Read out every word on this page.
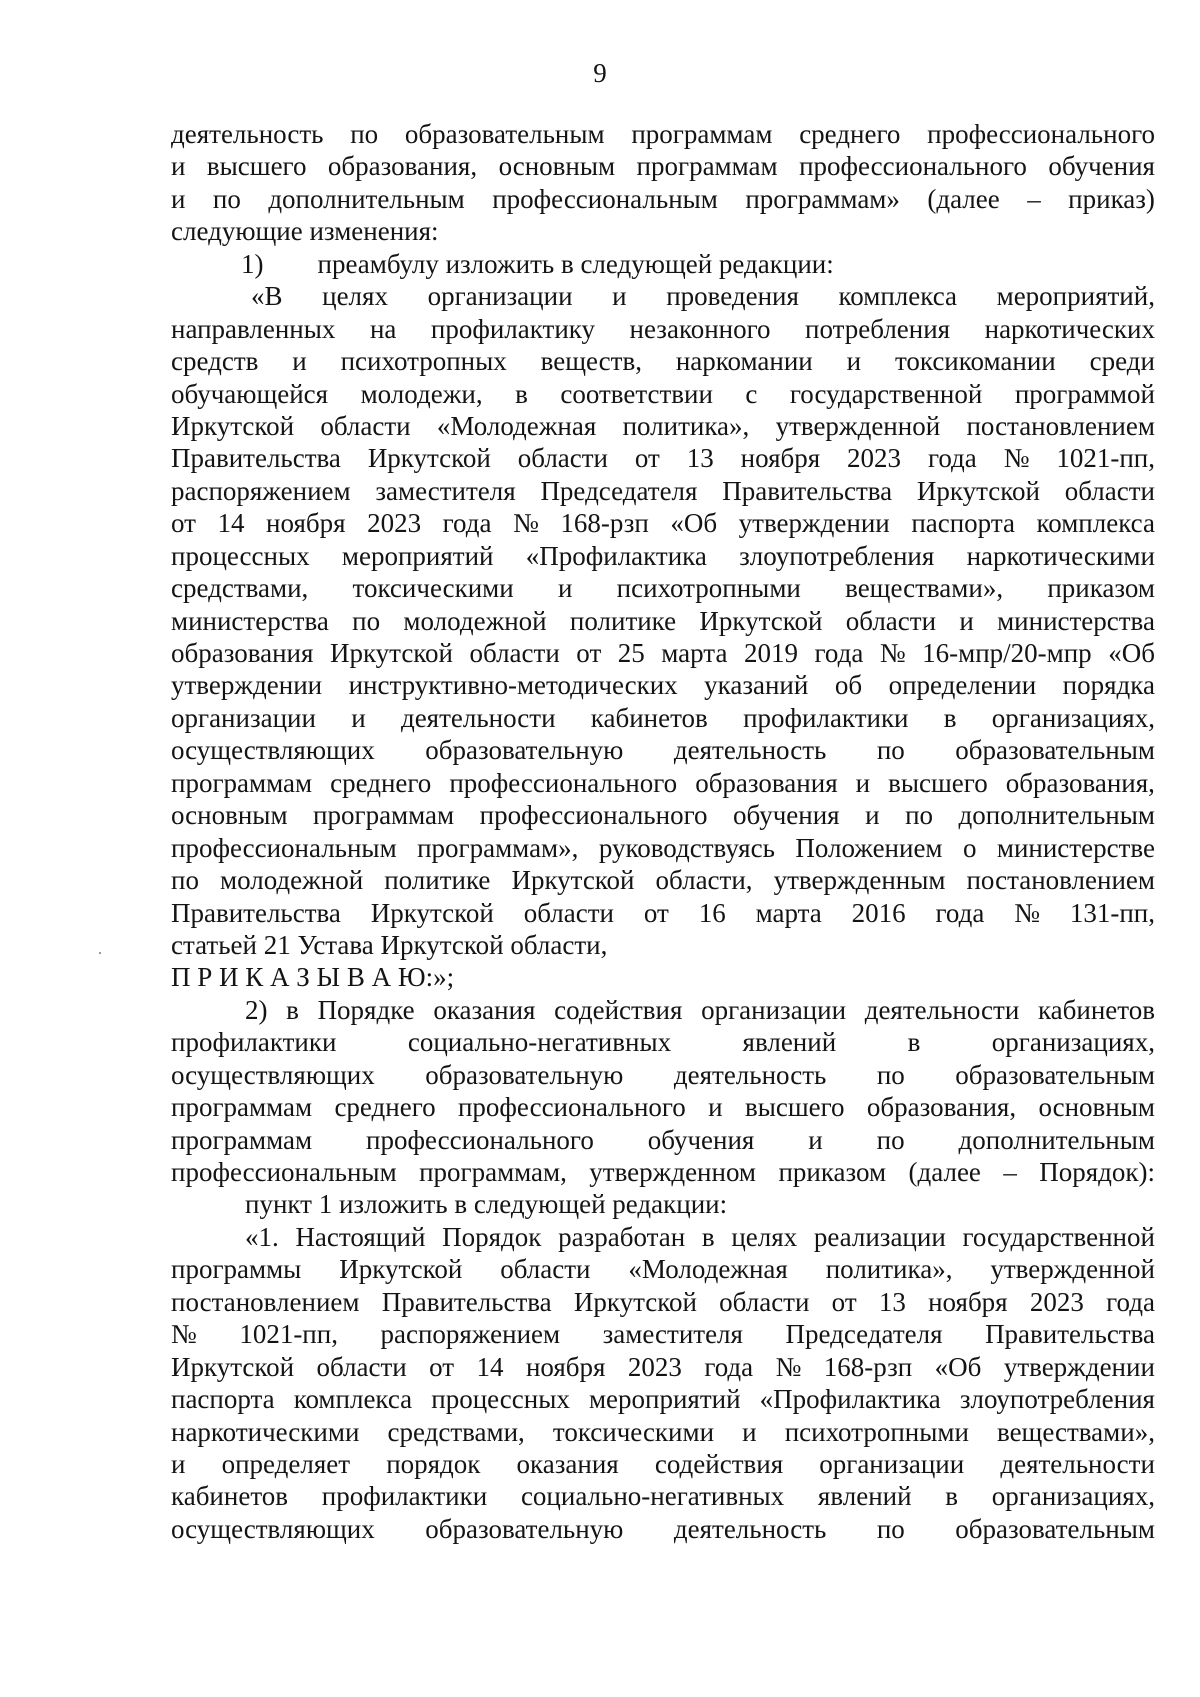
9
деятельность по образовательным программам среднего профессионального
и высшего образования, основным программам профессионального обучения
и по дополнительным профессиональным программам» (далее – приказ)
следующие изменения:
1)        преамбулу изложить в следующей редакции:
«В целях организации и проведения комплекса мероприятий,
направленных на профилактику незаконного потребления наркотических
средств и психотропных веществ, наркомании и токсикомании среди
обучающейся молодежи, в соответствии с государственной программой
Иркутской области «Молодежная политика», утвержденной постановлением
Правительства Иркутской области от 13 ноября 2023 года № 1021-пп,
распоряжением заместителя Председателя Правительства Иркутской области
от 14 ноября 2023 года № 168-рзп «Об утверждении паспорта комплекса
процессных мероприятий «Профилактика злоупотребления наркотическими
средствами, токсическими и психотропными веществами», приказом
министерства по молодежной политике Иркутской области и министерства
образования Иркутской области от 25 марта 2019 года № 16-мпр/20-мпр «Об
утверждении инструктивно-методических указаний об определении порядка
организации и деятельности кабинетов профилактики в организациях,
осуществляющих образовательную деятельность по образовательным
программам среднего профессионального образования и высшего образования,
основным программам профессионального обучения и по дополнительным
профессиональным программам», руководствуясь Положением о министерстве
по молодежной политике Иркутской области, утвержденным постановлением
Правительства Иркутской области от 16 марта 2016 года № 131-пп,
статьей 21 Устава Иркутской области,
П Р И К А З Ы В А Ю:»;
2) в Порядке оказания содействия организации деятельности кабинетов
профилактики	социально-негативных	явлений	в	организациях,
осуществляющих образовательную деятельность по образовательным
программам среднего профессионального и высшего образования, основным
программам профессионального обучения и по дополнительным
профессиональным программам, утвержденном приказом (далее – Порядок):
пункт 1 изложить в следующей редакции:
«1. Настоящий Порядок разработан в целях реализации государственной
программы Иркутской области «Молодежная политика», утвержденной
постановлением Правительства Иркутской области от 13 ноября 2023 года
№ 1021-пп, распоряжением заместителя Председателя Правительства
Иркутской области от 14 ноября 2023 года № 168-рзп «Об утверждении
паспорта комплекса процессных мероприятий «Профилактика злоупотребления
наркотическими средствами, токсическими и психотропными веществами»,
и определяет порядок оказания содействия организации деятельности
кабинетов профилактики социально-негативных явлений в организациях,
осуществляющих образовательную деятельность по образовательным
